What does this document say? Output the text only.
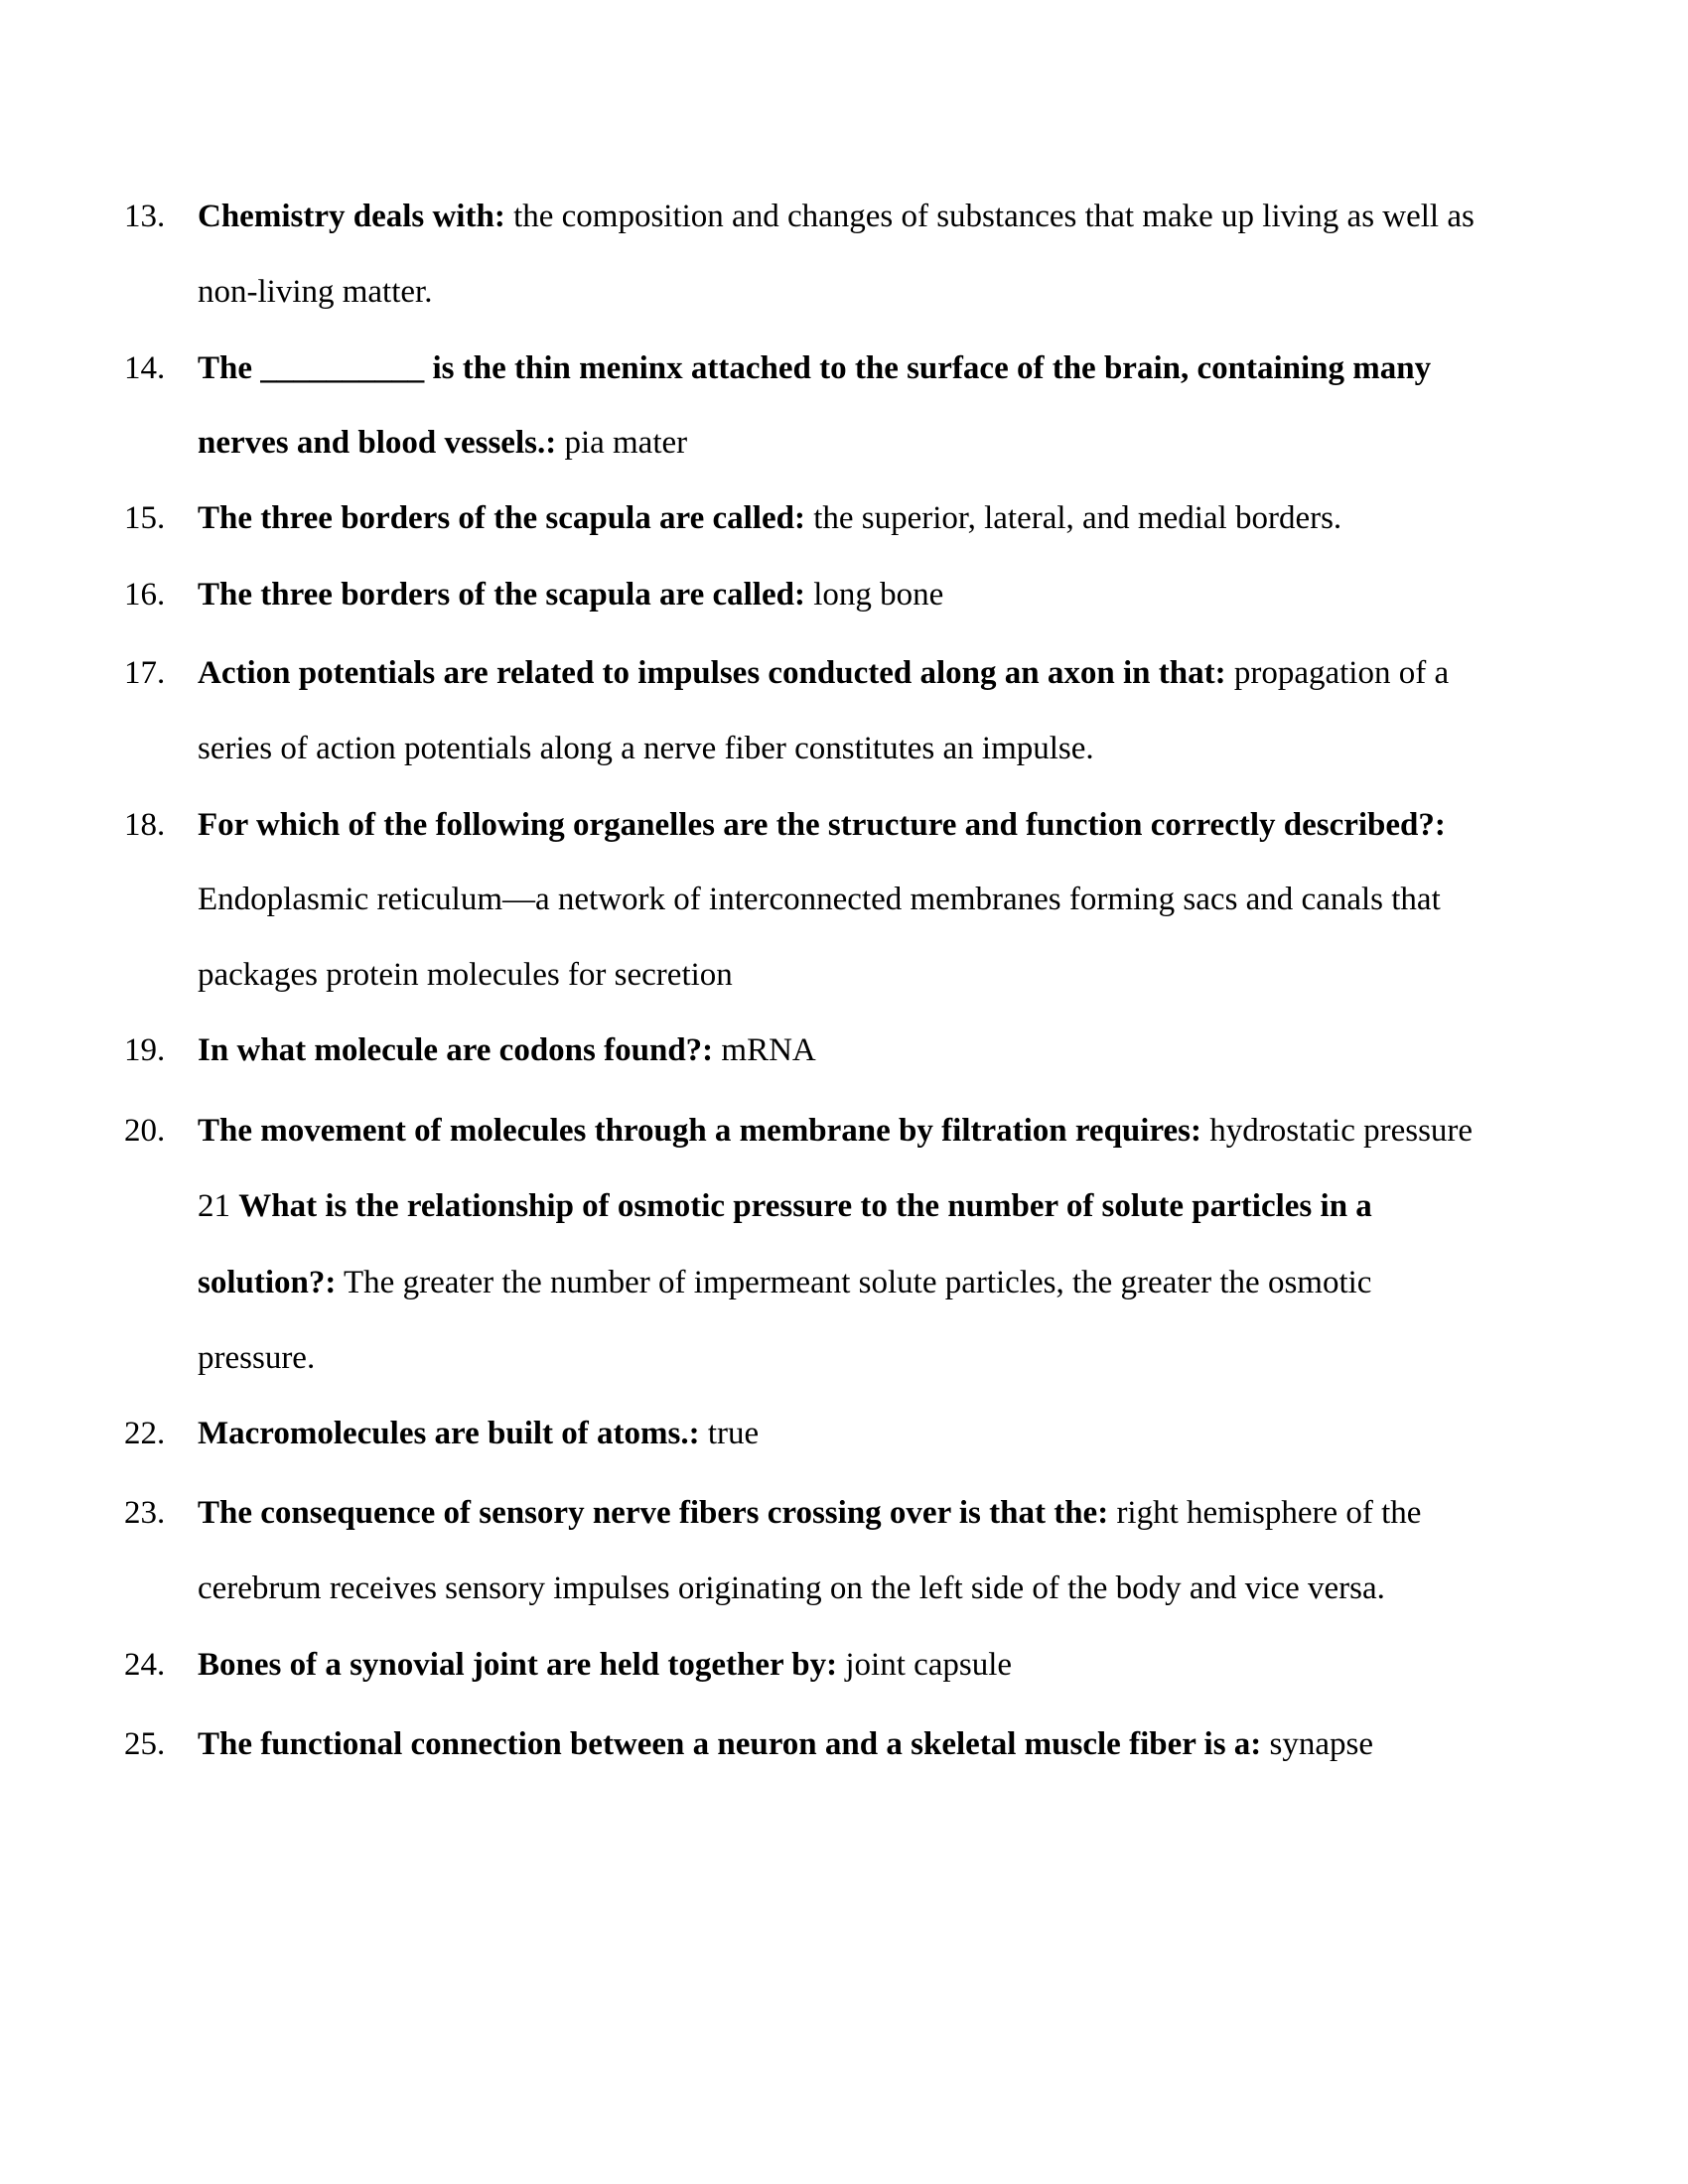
13. Chemistry deals with: the composition and changes of substances that make up living as well as
non-living matter.
14. The __________ is the thin meninx attached to the surface of the brain, containing many
nerves and blood vessels.: pia mater
15. The three borders of the scapula are called: the superior, lateral, and medial borders.
16. The three borders of the scapula are called: long bone
17. Action potentials are related to impulses conducted along an axon in that: propagation of a
series of action potentials along a nerve fiber constitutes an impulse.
18. For which of the following organelles are the structure and function correctly described?:
Endoplasmic reticulum—a network of interconnected membranes forming sacs and canals that
packages protein molecules for secretion
19. In what molecule are codons found?: mRNA
20. The movement of molecules through a membrane by filtration requires: hydrostatic pressure
21 What is the relationship of osmotic pressure to the number of solute particles in a
solution?: The greater the number of impermeant solute particles, the greater the osmotic
pressure.
22. Macromolecules are built of atoms.: true
23. The consequence of sensory nerve fibers crossing over is that the: right hemisphere of the
cerebrum receives sensory impulses originating on the left side of the body and vice versa.
24. Bones of a synovial joint are held together by: joint capsule
25. The functional connection between a neuron and a skeletal muscle fiber is a: synapse
